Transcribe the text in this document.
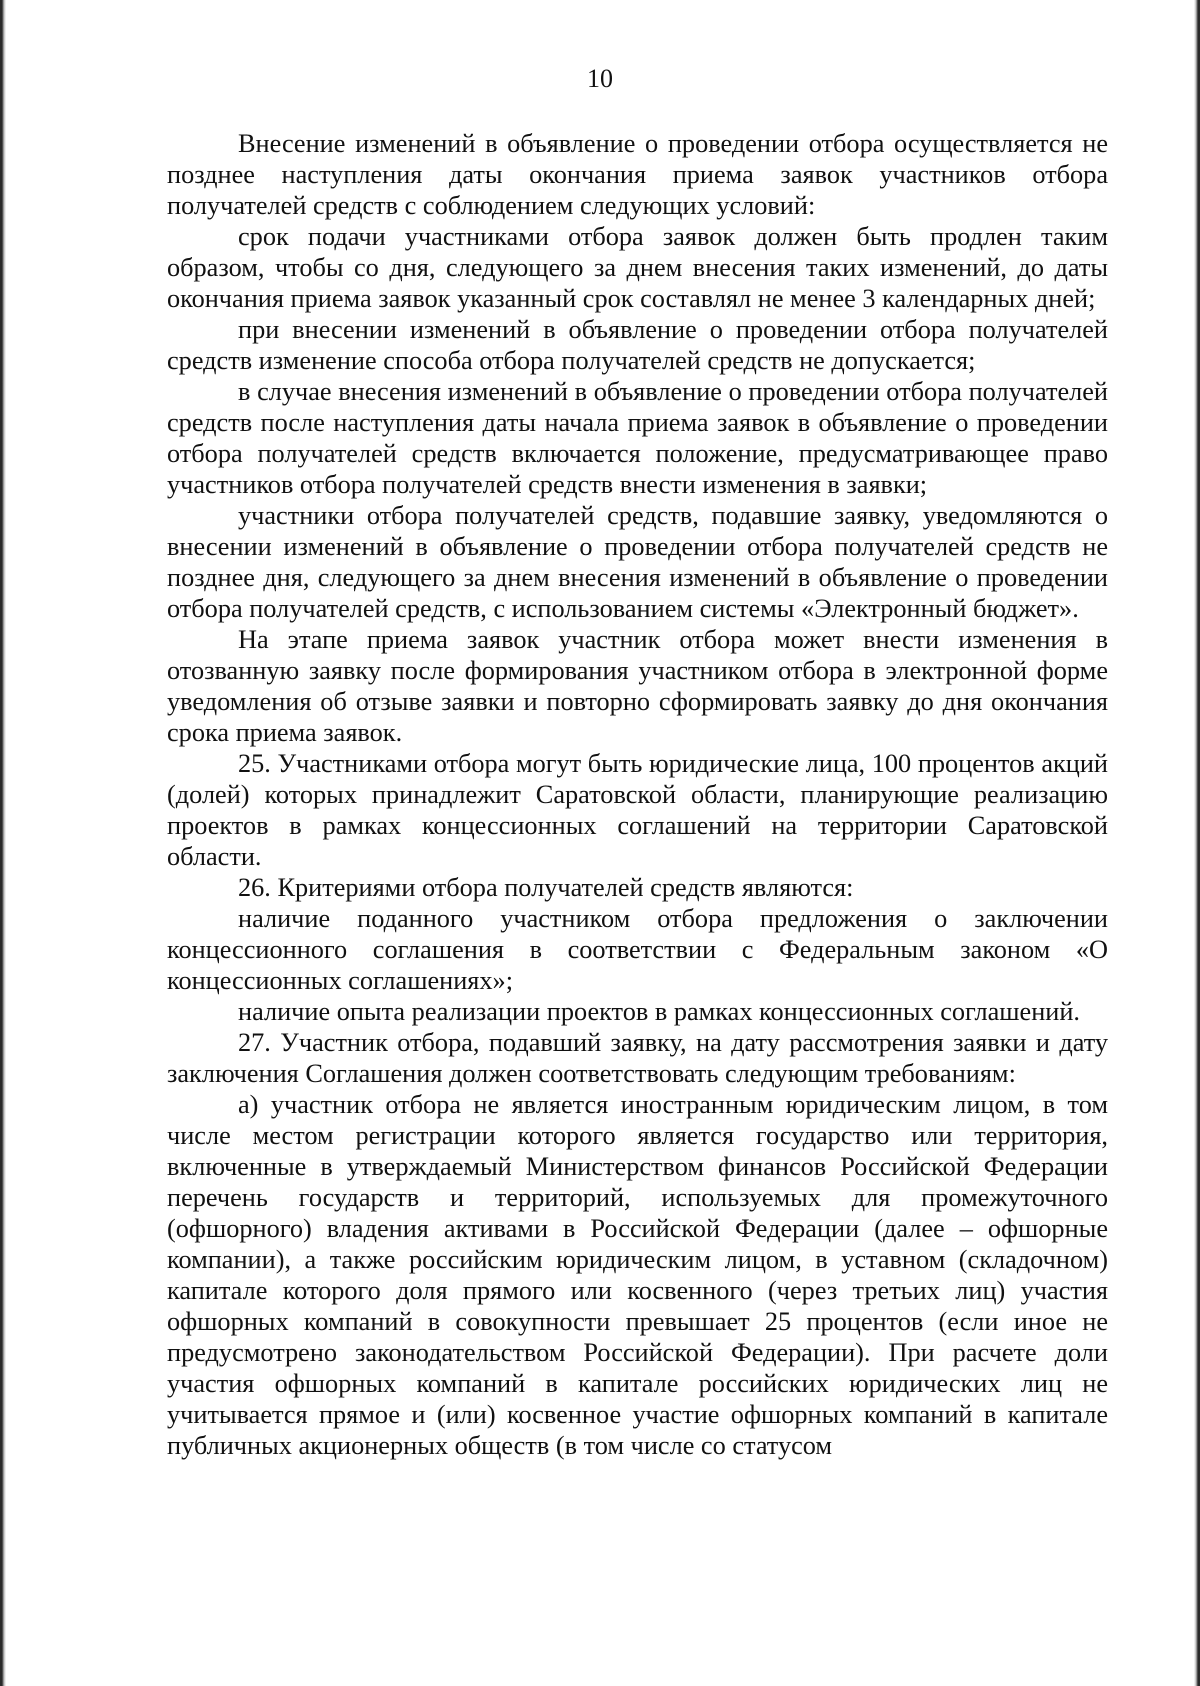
10

Внесение изменений в объявление о проведении отбора осуществляется не позднее наступления даты окончания приема заявок участников отбора получателей средств с соблюдением следующих условий:

срок подачи участниками отбора заявок должен быть продлен таким образом, чтобы со дня, следующего за днем внесения таких изменений, до даты окончания приема заявок указанный срок составлял не менее 3 календарных дней;

при внесении изменений в объявление о проведении отбора получателей средств изменение способа отбора получателей средств не допускается;

в случае внесения изменений в объявление о проведении отбора получателей средств после наступления даты начала приема заявок в объявление о проведении отбора получателей средств включается положение, предусматривающее право участников отбора получателей средств внести изменения в заявки;

участники отбора получателей средств, подавшие заявку, уведомляются о внесении изменений в объявление о проведении отбора получателей средств не позднее дня, следующего за днем внесения изменений в объявление о проведении отбора получателей средств, с использованием системы «Электронный бюджет».

На этапе приема заявок участник отбора может внести изменения в отозванную заявку после формирования участником отбора в электронной форме уведомления об отзыве заявки и повторно сформировать заявку до дня окончания срока приема заявок.

25. Участниками отбора могут быть юридические лица, 100 процентов акций (долей) которых принадлежит Саратовской области, планирующие реализацию проектов в рамках концессионных соглашений на территории Саратовской области.

26. Критериями отбора получателей средств являются:

наличие поданного участником отбора предложения о заключении концессионного соглашения в соответствии с Федеральным законом «О концессионных соглашениях»;

наличие опыта реализации проектов в рамках концессионных соглашений.

27. Участник отбора, подавший заявку, на дату рассмотрения заявки и дату заключения Соглашения должен соответствовать следующим требованиям:

а) участник отбора не является иностранным юридическим лицом, в том числе местом регистрации которого является государство или территория, включенные в утверждаемый Министерством финансов Российской Федерации перечень государств и территорий, используемых для промежуточного (офшорного) владения активами в Российской Федерации (далее – офшорные компании), а также российским юридическим лицом, в уставном (складочном) капитале которого доля прямого или косвенного (через третьих лиц) участия офшорных компаний в совокупности превышает 25 процентов (если иное не предусмотрено законодательством Российской Федерации). При расчете доли участия офшорных компаний в капитале российских юридических лиц не учитывается прямое и (или) косвенное участие офшорных компаний в капитале публичных акционерных обществ (в том числе со статусом
